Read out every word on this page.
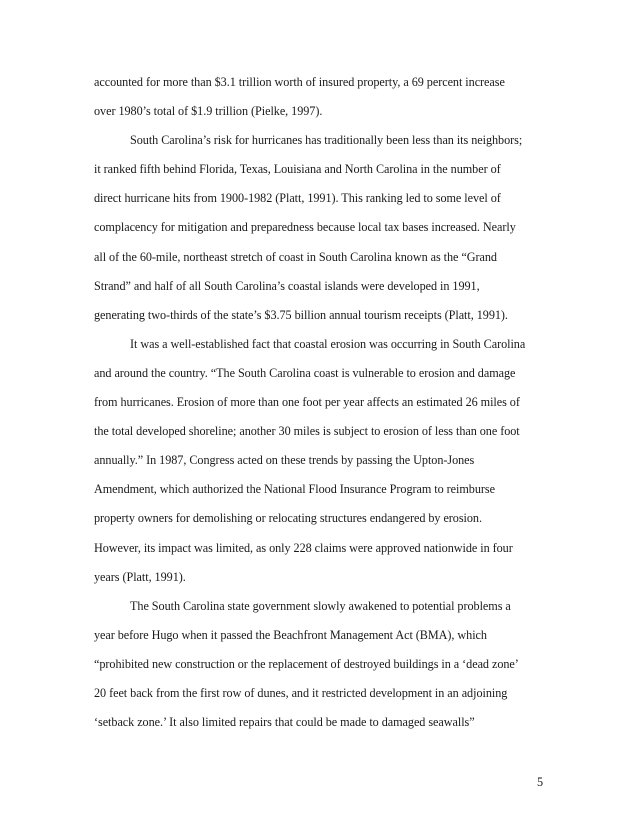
accounted for more than $3.1 trillion worth of insured property, a 69 percent increase
over 1980’s total of $1.9 trillion (Pielke, 1997).
South Carolina’s risk for hurricanes has traditionally been less than its neighbors;
it ranked fifth behind Florida, Texas, Louisiana and North Carolina in the number of
direct hurricane hits from 1900-1982 (Platt, 1991). This ranking led to some level of
complacency for mitigation and preparedness because local tax bases increased. Nearly
all of the 60-mile, northeast stretch of coast in South Carolina known as the “Grand
Strand” and half of all South Carolina’s coastal islands were developed in 1991,
generating two-thirds of the state’s $3.75 billion annual tourism receipts (Platt, 1991).
It was a well-established fact that coastal erosion was occurring in South Carolina
and around the country. “The South Carolina coast is vulnerable to erosion and damage
from hurricanes. Erosion of more than one foot per year affects an estimated 26 miles of
the total developed shoreline; another 30 miles is subject to erosion of less than one foot
annually.” In 1987, Congress acted on these trends by passing the Upton-Jones
Amendment, which authorized the National Flood Insurance Program to reimburse
property owners for demolishing or relocating structures endangered by erosion.
However, its impact was limited, as only 228 claims were approved nationwide in four
years (Platt, 1991).
The South Carolina state government slowly awakened to potential problems a
year before Hugo when it passed the Beachfront Management Act (BMA), which
“prohibited new construction or the replacement of destroyed buildings in a ‘dead zone’
20 feet back from the first row of dunes, and it restricted development in an adjoining
‘setback zone.’ It also limited repairs that could be made to damaged seawalls”
5
